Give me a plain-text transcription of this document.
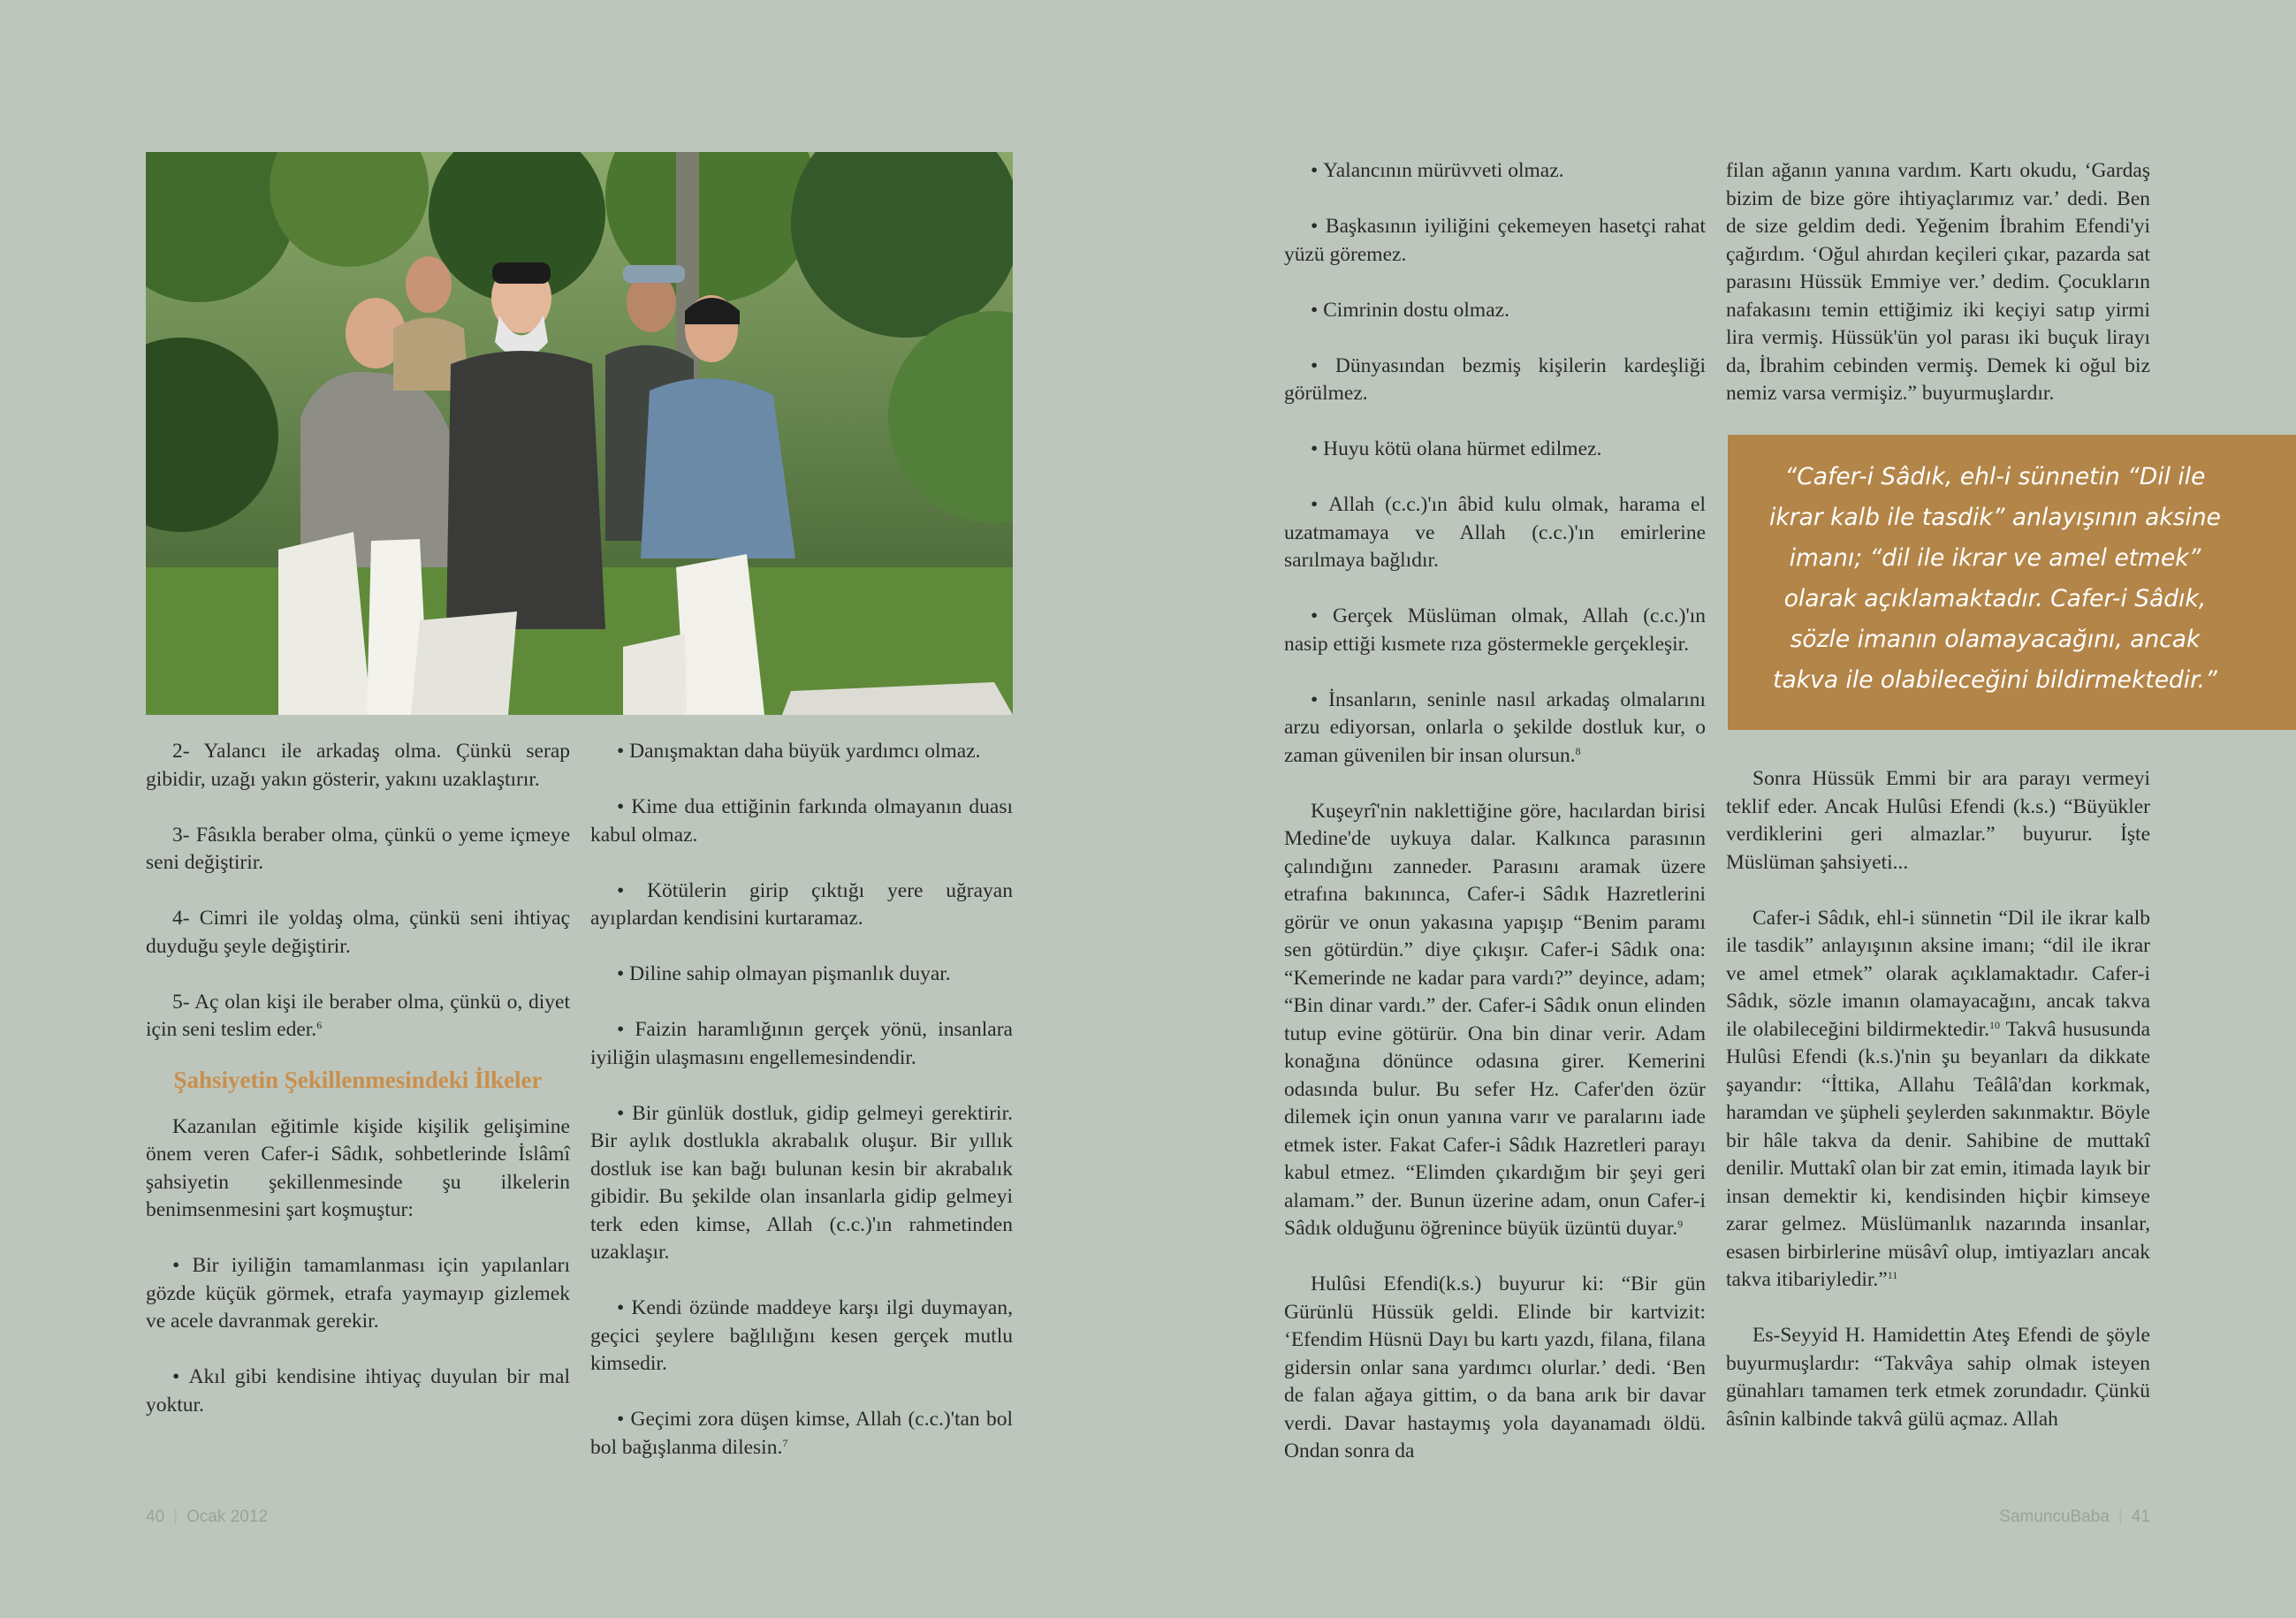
2- Yalancı ile arkadaş olma. Çünkü serap gibidir, uzağı yakın gösterir, yakını uzaklaştırır.

3- Fâsıkla beraber olma, çünkü o yeme içmeye seni değiştirir.

4- Cimri ile yoldaş olma, çünkü seni ihtiyaç duyduğu şeyle değiştirir.

5- Aç olan kişi ile beraber olma, çünkü o, diyet için seni teslim eder.$^6$

Şahsiyetin Şekillenmesindeki İlkeler

Kazanılan eğitimle kişide kişilik gelişimine önem veren Cafer-i Sâdık, sohbetlerinde İslâmî şahsiyetin şekillenmesinde şu ilkelerin benimsenmesini şart koşmuştur:

• Bir iyiliğin tamamlanması için yapılanları gözde küçük görmek, etrafa yaymayıp gizlemek ve acele davranmak gerekir.

• Akıl gibi kendisine ihtiyaç duyulan bir mal yoktur.

• Danışmaktan daha büyük yardımcı olmaz.

• Kime dua ettiğinin farkında olmayanın duası kabul olmaz.

• Kötülerin girip çıktığı yere uğrayan ayıplardan kendisini kurtaramaz.

• Diline sahip olmayan pişmanlık duyar.

• Faizin haramlığının gerçek yönü, insanlara iyiliğin ulaşmasını engellemesindendir.

• Bir günlük dostluk, gidip gelmeyi gerektirir. Bir aylık dostlukla akrabalık oluşur. Bir yıllık dostluk ise kan bağı bulunan kesin bir akrabalık gibidir. Bu şekilde olan insanlarla gidip gelmeyi terk eden kimse, Allah (c.c.)'ın rahmetinden uzaklaşır.

• Kendi özünde maddeye karşı ilgi duymayan, geçici şeylere bağlılığını kesen gerçek mutlu kimsedir.

• Geçimi zora düşen kimse, Allah (c.c.)'tan bol bol bağışlanma dilesin.$^7$

• Yalancının mürüvveti olmaz.

• Başkasının iyiliğini çekemeyen hasetçi rahat yüzü göremez.

• Cimrinin dostu olmaz.

• Dünyasından bezmiş kişilerin kardeşliği görülmez.

• Huyu kötü olana hürmet edilmez.

• Allah (c.c.)'ın âbid kulu olmak, harama el uzatmamaya ve Allah (c.c.)'ın emirlerine sarılmaya bağlıdır.

• Gerçek Müslüman olmak, Allah (c.c.)'ın nasip ettiği kısmete rıza göstermekle gerçekleşir.

• İnsanların, seninle nasıl arkadaş olmalarını arzu ediyorsan, onlarla o şekilde dostluk kur, o zaman güvenilen bir insan olursun.$^8$

Kuşeyrî'nin naklettiğine göre, hacılardan birisi Medine'de uykuya dalar. Kalkınca parasının çalındığını zanneder. Parasını aramak üzere etrafına bakınınca, Cafer-i Sâdık Hazretlerini görür ve onun yakasına yapışıp “Benim paramı sen götürdün.” diye çıkışır. Cafer-i Sâdık ona: “Kemerinde ne kadar para vardı?” deyince, adam; “Bin dinar vardı.” der. Cafer-i Sâdık onun elinden tutup evine götürür. Ona bin dinar verir. Adam konağına dönünce odasına girer. Kemerini odasında bulur. Bu sefer Hz. Cafer'den özür dilemek için onun yanına varır ve paralarını iade etmek ister. Fakat Cafer-i Sâdık Hazretleri parayı kabul etmez. “Elimden çıkardığım bir şeyi geri alamam.” der. Bunun üzerine adam, onun Cafer-i Sâdık olduğunu öğrenince büyük üzüntü duyar.$^9$

Hulûsi Efendi(k.s.) buyurur ki: “Bir gün Gürünlü Hüssük geldi. Elinde bir kartvizit: ‘Efendim Hüsnü Dayı bu kartı yazdı, filana, filana gidersin onlar sana yardımcı olurlar.’ dedi. ‘Ben de falan ağaya gittim, o da bana arık bir davar verdi. Davar hastaymış yola dayanamadı öldü. Ondan sonra da

filan ağanın yanına vardım. Kartı okudu, ‘Gardaş bizim de bize göre ihtiyaçlarımız var.’ dedi. Ben de size geldim dedi. Yeğenim İbrahim Efendi'yi çağırdım. ‘Oğul ahırdan keçileri çıkar, pazarda sat parasını Hüssük Emmiye ver.’ dedim. Çocukların nafakasını temin ettiğimiz iki keçiyi satıp yirmi lira vermiş. Hüssük'ün yol parası iki buçuk lirayı da, İbrahim cebinden vermiş. Demek ki oğul biz nemiz varsa vermişiz.” buyurmuşlardır.

“Cafer-i Sâdık, ehl-i sünnetin “Dil ile ikrar kalb ile tasdik” anlayışının aksine imanı; “dil ile ikrar ve amel etmek” olarak açıklamaktadır. Cafer-i Sâdık, sözle imanın olamayacağını, ancak takva ile olabileceğini bildirmektedir.”

Sonra Hüssük Emmi bir ara parayı vermeyi teklif eder. Ancak Hulûsi Efendi (k.s.) “Büyükler verdiklerini geri almazlar.” buyurur. İşte Müslüman şahsiyeti...

Cafer-i Sâdık, ehl-i sünnetin “Dil ile ikrar kalb ile tasdik” anlayışının aksine imanı; “dil ile ikrar ve amel etmek” olarak açıklamaktadır. Cafer-i Sâdık, sözle imanın olamayacağını, ancak takva ile olabileceğini bildirmektedir.$^{10}$ Takvâ hususunda Hulûsi Efendi (k.s.)'nin şu beyanları da dikkate şayandır: “İttika, Allahu Teâlâ'dan korkmak, haramdan ve şüpheli şeylerden sakınmaktır. Böyle bir hâle takva da denir. Sahibine de muttakî denilir. Muttakî olan bir zat emin, itimada layık bir insan demektir ki, kendisinden hiçbir kimseye zarar gelmez. Müslümanlık nazarında insanlar, esasen birbirlerine müsâvî olup, imtiyazları ancak takva itibariyledir.”$^{11}$

Es-Seyyid H. Hamidettin Ateş Efendi de şöyle buyurmuşlardır: “Takvâya sahip olmak isteyen günahları tamamen terk etmek zorundadır. Çünkü âsînin kalbinde takvâ gülü açmaz. Allah

40 | Ocak 2012	SamuncuBaba | 41
